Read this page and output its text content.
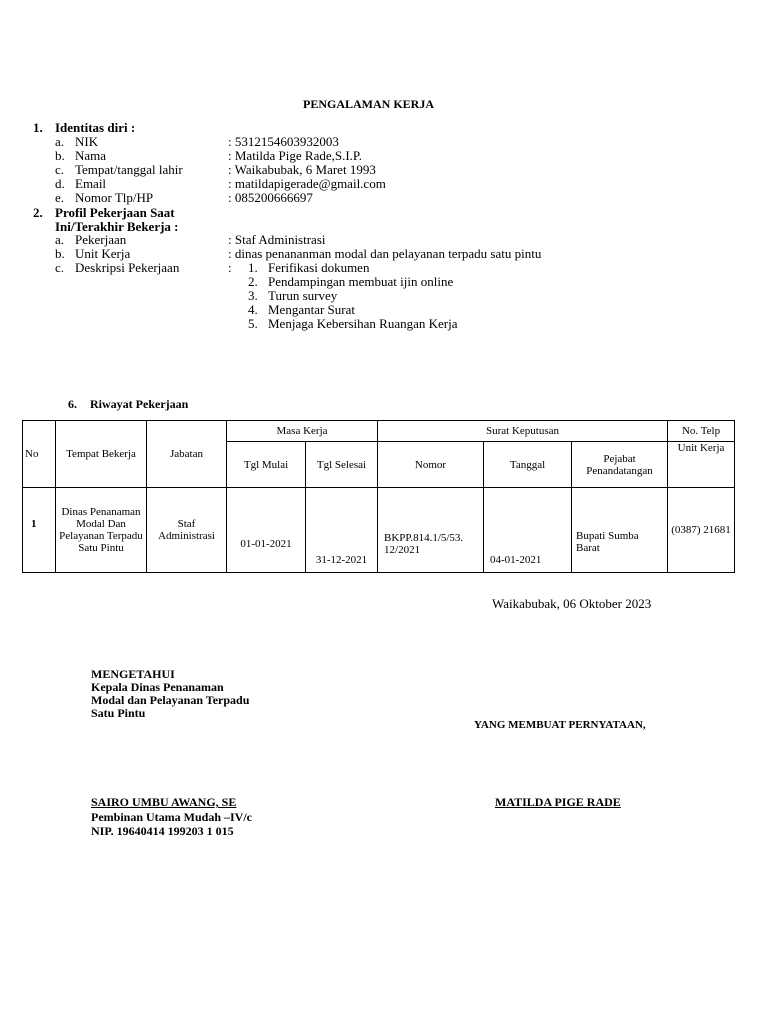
PENGALAMAN KERJA
1. Identitas diri :
a. NIK	: 5312154603932003
b. Nama	: Matilda Pige Rade,S.I.P.
c. Tempat/tanggal lahir	: Waikabubak, 6 Maret 1993
d. Email	: matildapigerade@gmail.com
e. Nomor Tlp/HP	: 085200666697
2. Profil Pekerjaan Saat
Ini/Terakhir Bekerja :
a. Pekerjaan	: Staf Administrasi
b. Unit Kerja	: dinas penananman modal dan pelayanan terpadu satu pintu
c. Deskripsi Pekerjaan	: 1. Ferifikasi dokumen
2. Pendampingan membuat ijin online
3. Turun survey
4. Mengantar Surat
5. Menjaga Kebersihan Ruangan Kerja
6. Riwayat Pekerjaan
No	Tempat Bekerja	Jabatan	Masa Kerja		Surat Keputusan			No. Telp
			Tgl Mulai	Tgl Selesai	Nomor	Tanggal	Pejabat Penandatangan	Unit Kerja
1	Dinas Penanaman Modal Dan Pelayanan Terpadu Satu Pintu	Staf Administrasi	01-01-2021	31-12-2021	BKPP.814.1/5/53. 12/2021	04-01-2021	Bupati Sumba Barat	(0387) 21681
Waikabubak, 06 Oktober 2023
MENGETAHUI
Kepala Dinas Penanaman
Modal dan Pelayanan Terpadu
Satu Pintu
SAIRO UMBU AWANG, SE
Pembinan Utama Mudah –IV/c
NIP. 19640414 199203 1 015
YANG MEMBUAT PERNYATAAN,
MATILDA PIGE RADE
